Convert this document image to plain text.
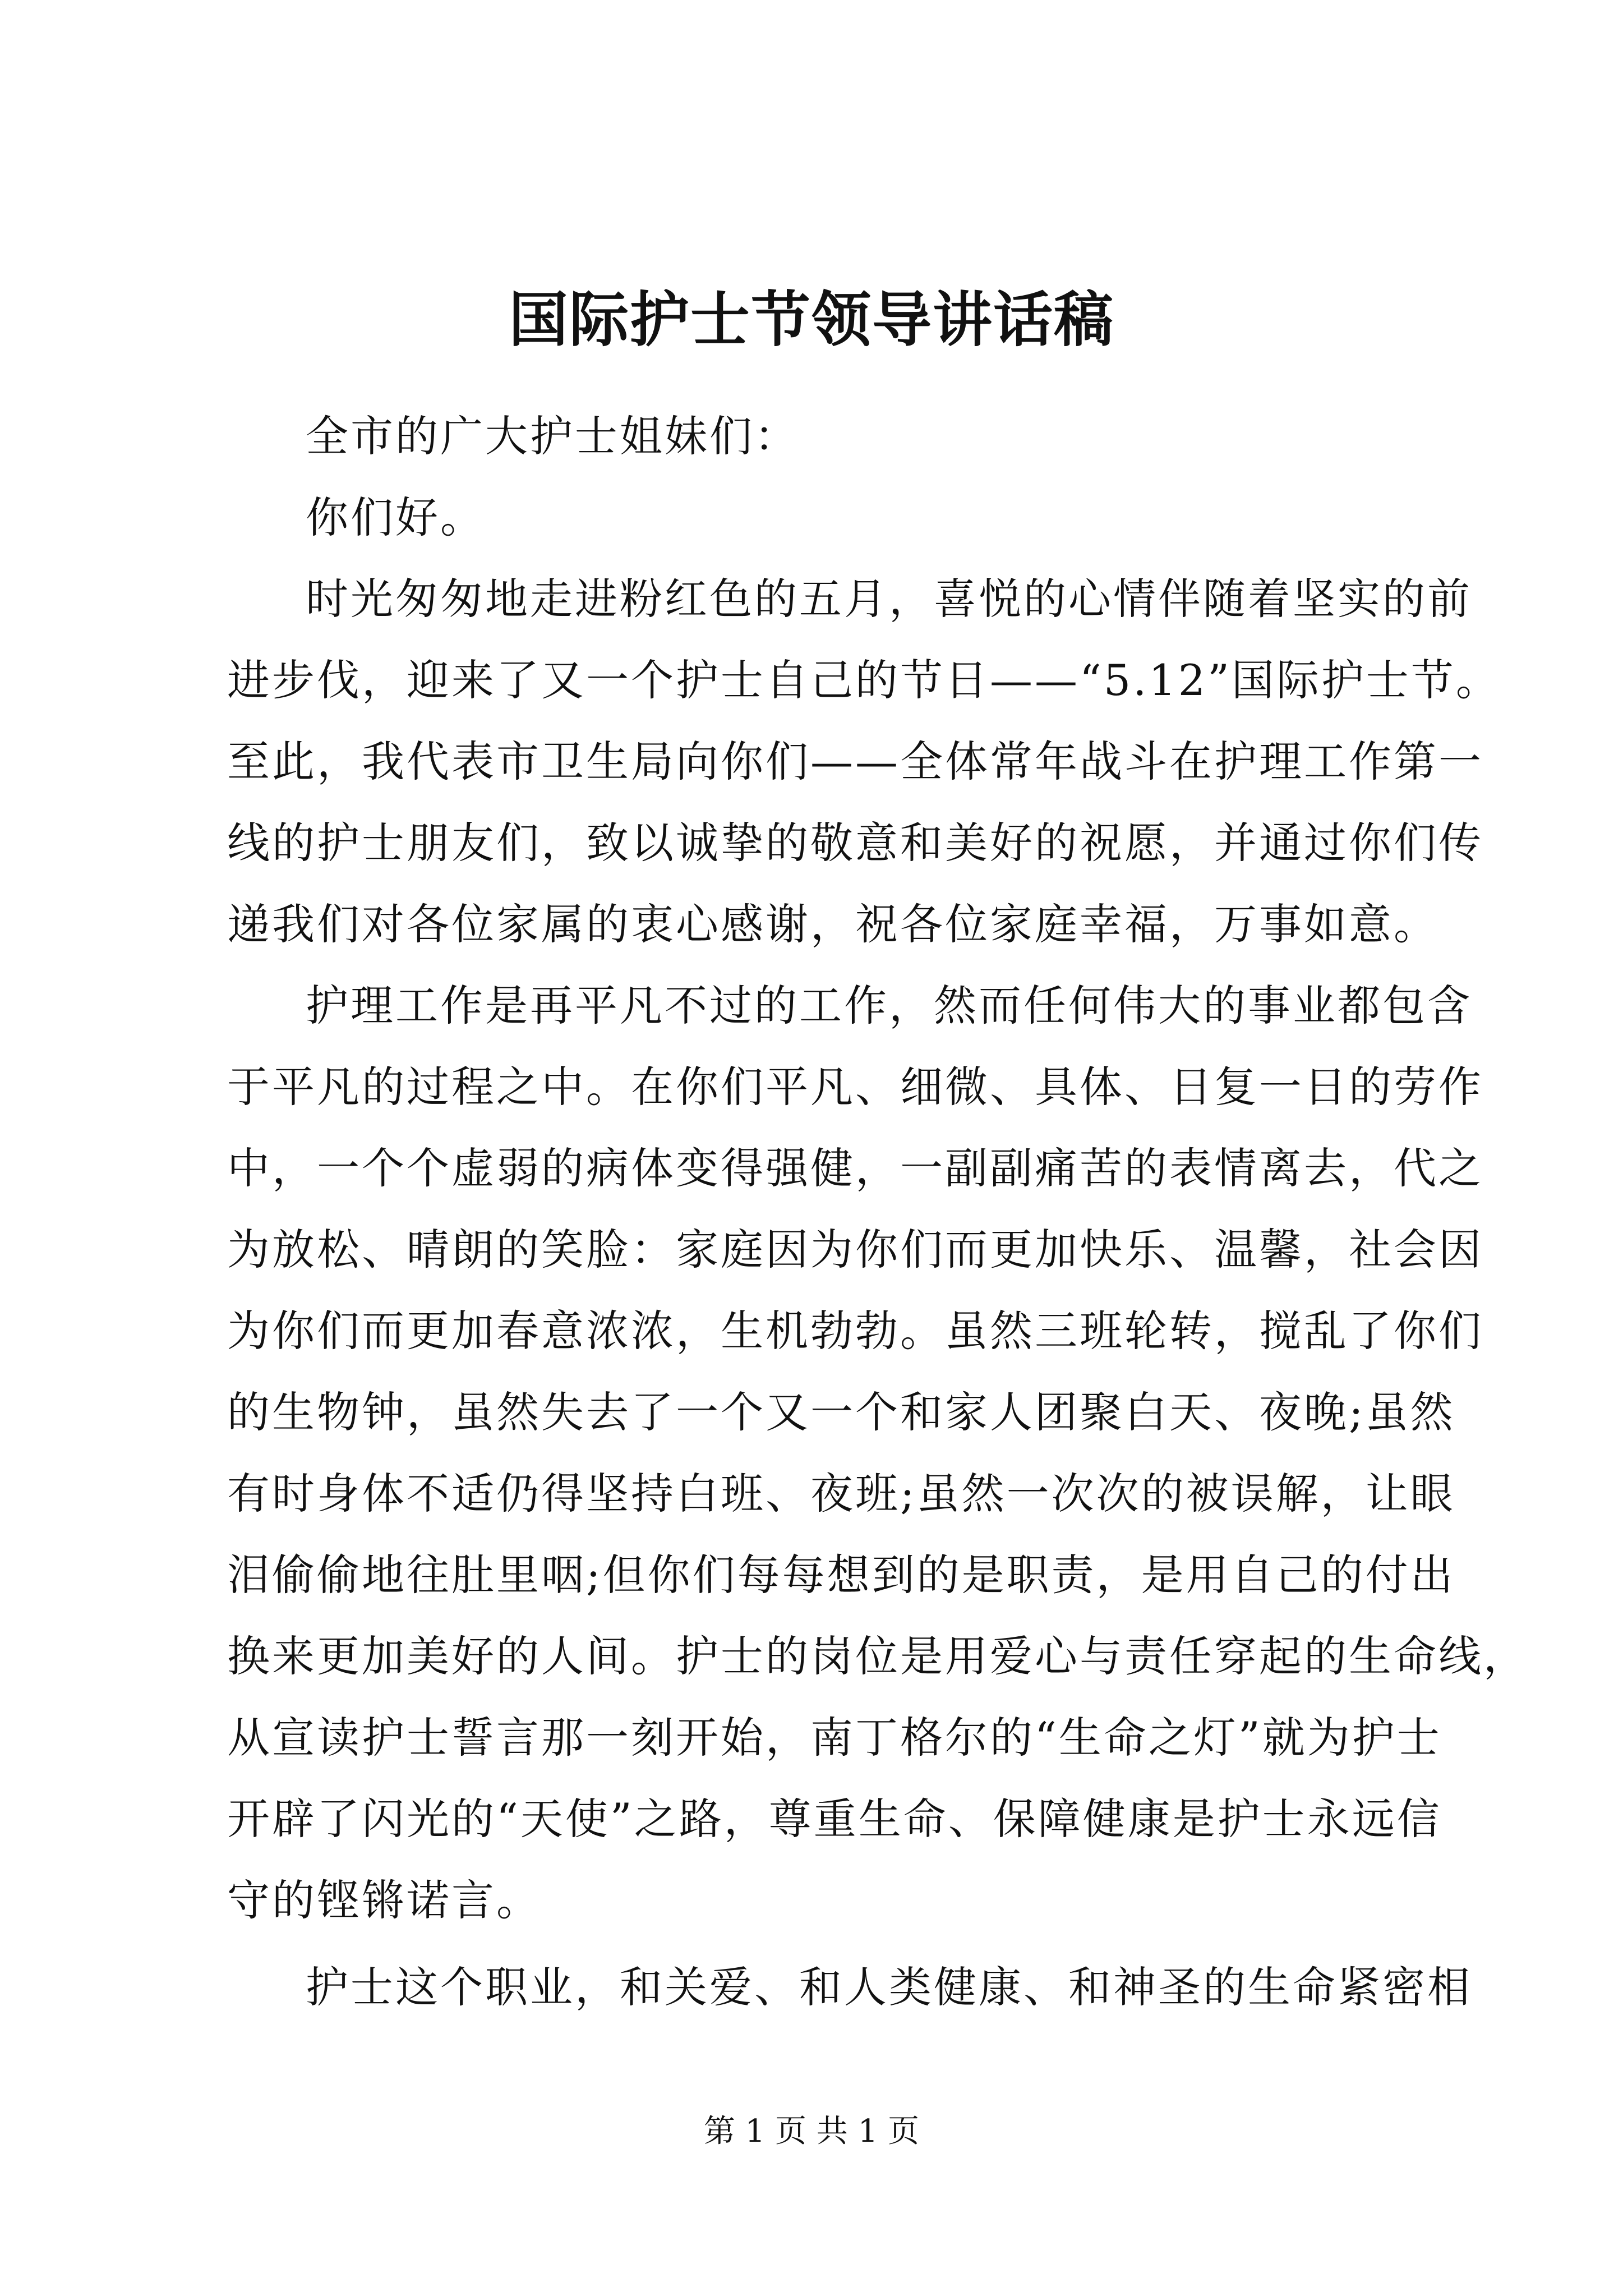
国际护士节领导讲话稿
全市的广大护士姐妹们：
你们好。
时光匆匆地走进粉红色的五月，喜悦的心情伴随着坚实的前
进步伐，迎来了又一个护士自己的节日——“5.12”国际护士节。
至此，我代表市卫生局向你们——全体常年战斗在护理工作第一
线的护士朋友们，致以诚挚的敬意和美好的祝愿，并通过你们传
递我们对各位家属的衷心感谢，祝各位家庭幸福，万事如意。
护理工作是再平凡不过的工作，然而任何伟大的事业都包含
于平凡的过程之中。在你们平凡、细微、具体、日复一日的劳作
中，一个个虚弱的病体变得强健，一副副痛苦的表情离去，代之
为放松、晴朗的笑脸：家庭因为你们而更加快乐、温馨，社会因
为你们而更加春意浓浓，生机勃勃。虽然三班轮转，搅乱了你们
的生物钟，虽然失去了一个又一个和家人团聚白天、夜晚;虽然
有时身体不适仍得坚持白班、夜班;虽然一次次的被误解，让眼
泪偷偷地往肚里咽;但你们每每想到的是职责，是用自己的付出
换来更加美好的人间。护士的岗位是用爱心与责任穿起的生命线，
从宣读护士誓言那一刻开始，南丁格尔的“生命之灯”就为护士
开辟了闪光的“天使”之路，尊重生命、保障健康是护士永远信
守的铿锵诺言。
护士这个职业，和关爱、和人类健康、和神圣的生命紧密相
第 1 页 共 1 页
